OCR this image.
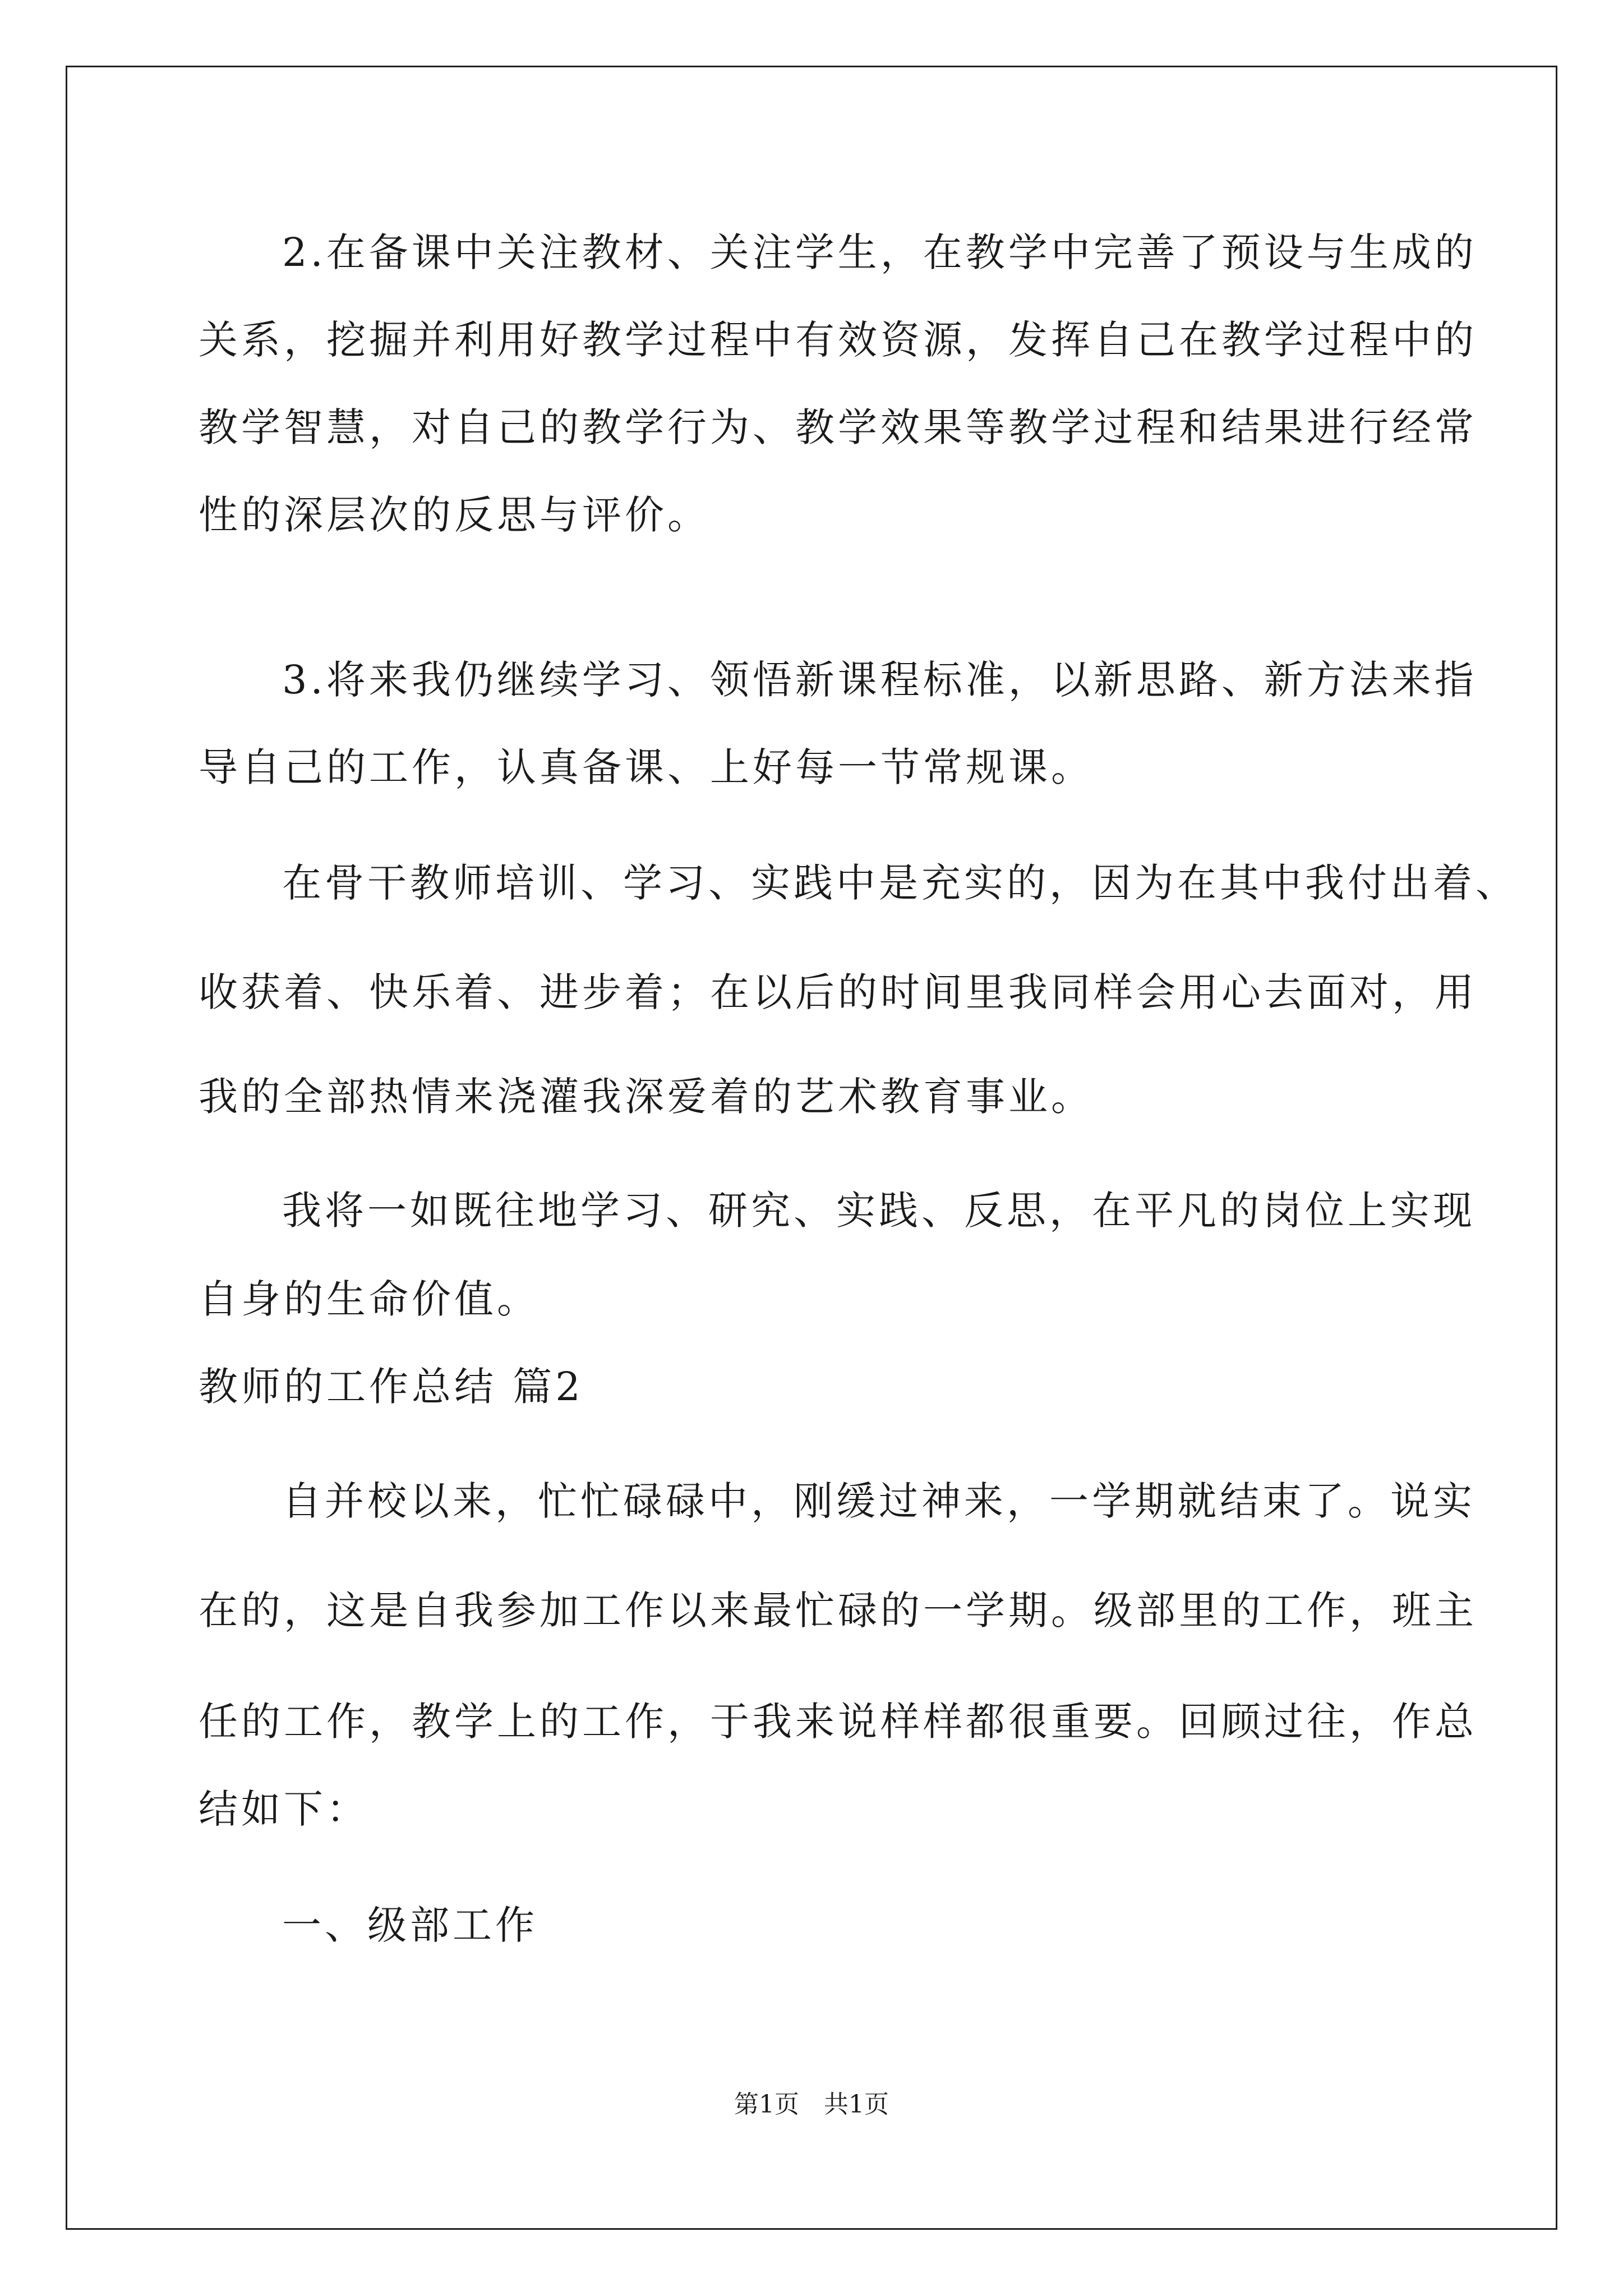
2.在备课中关注教材、关注学生，在教学中完善了预设与生成的
关系，挖掘并利用好教学过程中有效资源，发挥自己在教学过程中的
教学智慧，对自己的教学行为、教学效果等教学过程和结果进行经常
性的深层次的反思与评价。
3.将来我仍继续学习、领悟新课程标准，以新思路、新方法来指
导自己的工作，认真备课、上好每一节常规课。
在骨干教师培训、学习、实践中是充实的，因为在其中我付出着、
收获着、快乐着、进步着；在以后的时间里我同样会用心去面对，用
我的全部热情来浇灌我深爱着的艺术教育事业。
我将一如既往地学习、研究、实践、反思，在平凡的岗位上实现
自身的生命价值。
教师的工作总结 篇2
自并校以来，忙忙碌碌中，刚缓过神来，一学期就结束了。说实
在的，这是自我参加工作以来最忙碌的一学期。级部里的工作，班主
任的工作，教学上的工作，于我来说样样都很重要。回顾过往，作总
结如下：
一、级部工作
第1页　共1页
